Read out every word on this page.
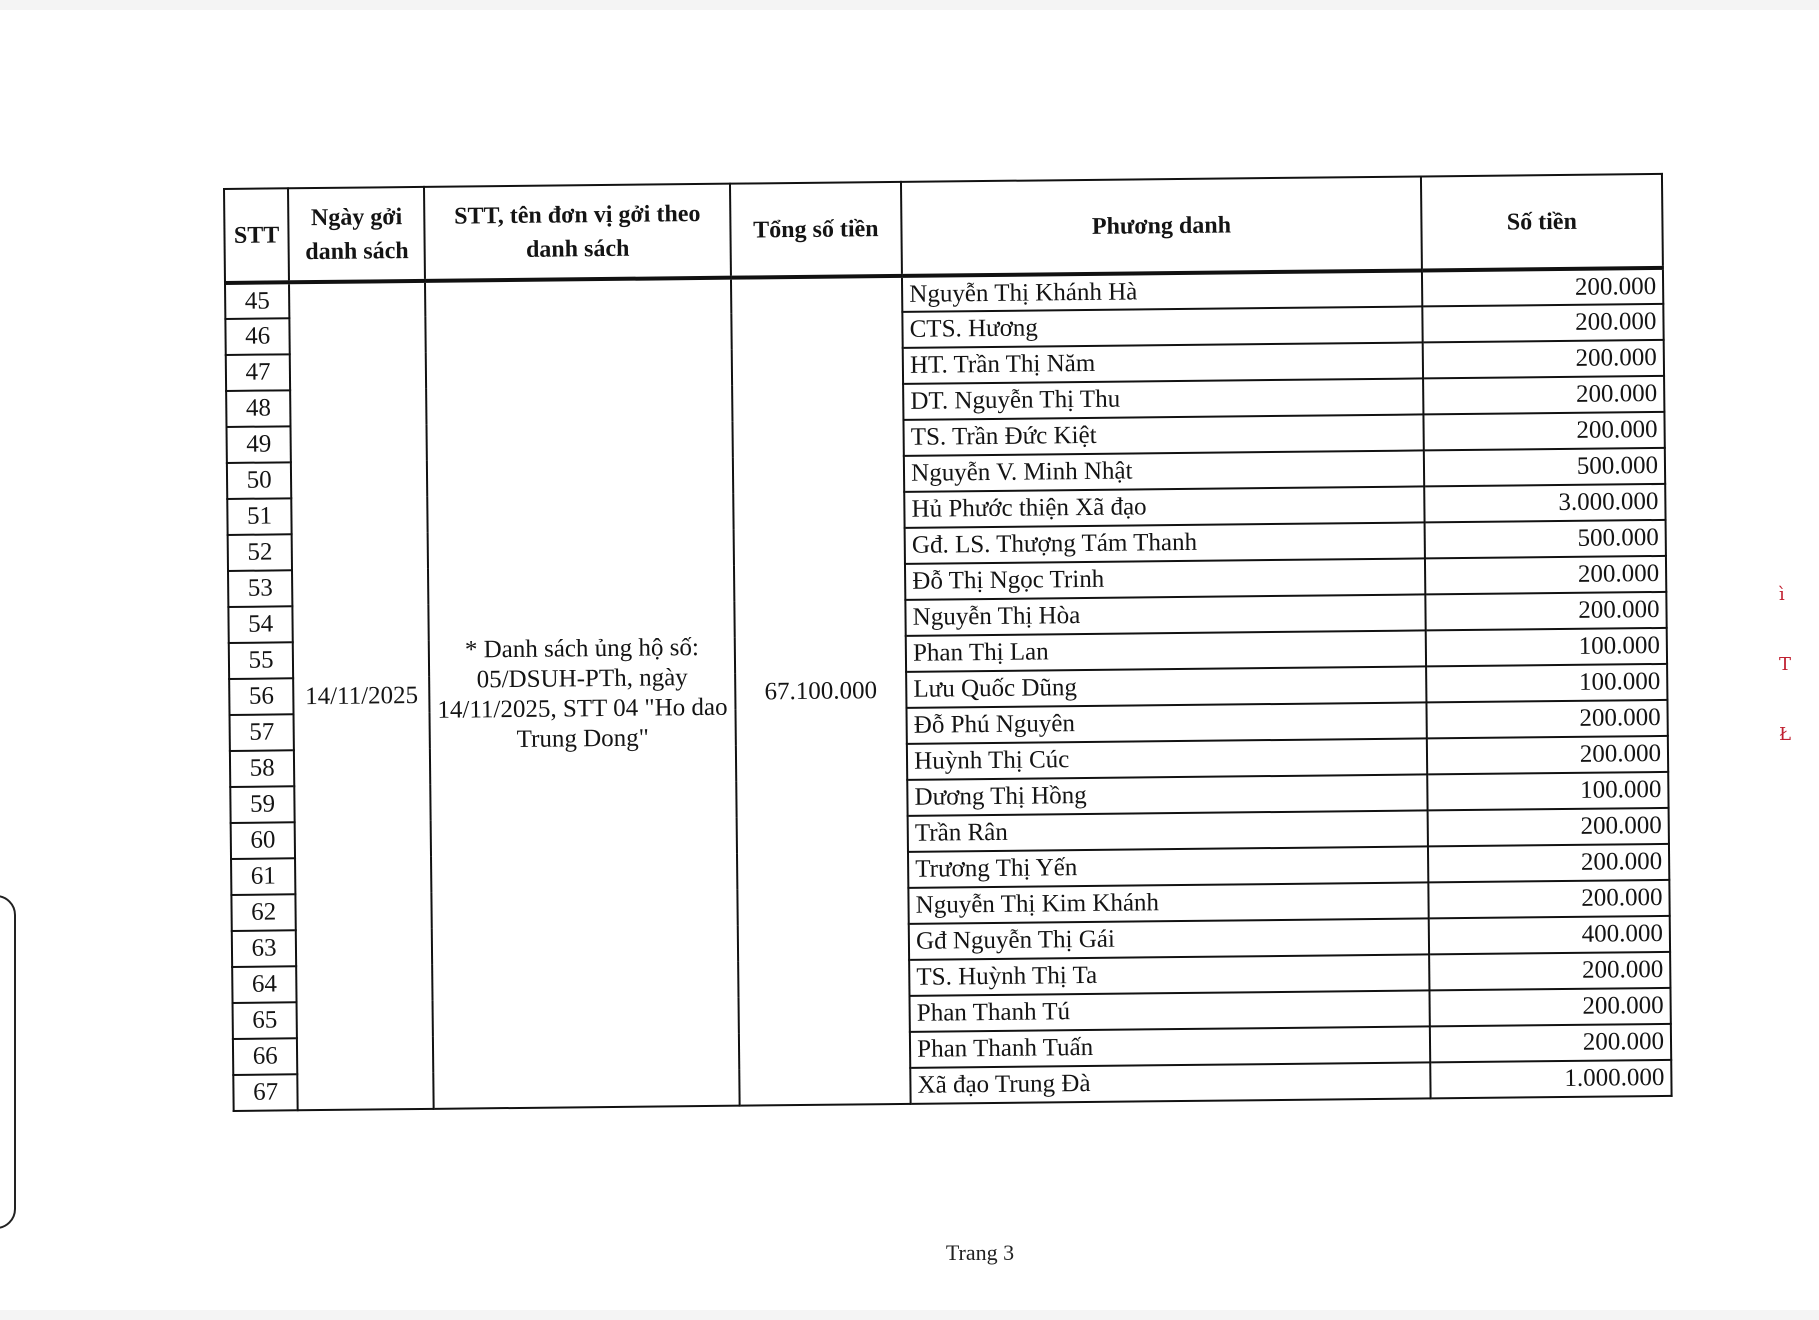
ì
T
Ł
STT	Ngày gởi danh sách	STT, tên đơn vị gởi theo danh sách	Tổng số tiền	Phương danh	Số tiền
45	14/11/2025	* Danh sách ủng hộ số: 05/DSUH-PTh, ngày 14/11/2025, STT 04 "Ho dao Trung Dong"	67.100.000	Nguyễn Thị Khánh Hà	200.000
46				CTS. Hương	200.000
47				HT. Trần Thị Năm	200.000
48				DT. Nguyễn Thị Thu	200.000
49				TS. Trần Đức Kiệt	200.000
50				Nguyễn V. Minh Nhật	500.000
51				Hủ Phước thiện Xã đạo	3.000.000
52				Gđ. LS. Thượng Tám Thanh	500.000
53				Đỗ Thị Ngọc Trinh	200.000
54				Nguyễn Thị Hòa	200.000
55				Phan Thị Lan	100.000
56				Lưu Quốc Dũng	100.000
57				Đỗ Phú Nguyên	200.000
58				Huỳnh Thị Cúc	200.000
59				Dương Thị Hồng	100.000
60				Trần Rân	200.000
61				Trương Thị Yến	200.000
62				Nguyễn Thị Kim Khánh	200.000
63				Gđ Nguyễn Thị Gái	400.000
64				TS. Huỳnh Thị Ta	200.000
65				Phan Thanh Tú	200.000
66				Phan Thanh Tuấn	200.000
67				Xã đạo Trung Đà	1.000.000
Trang 3
